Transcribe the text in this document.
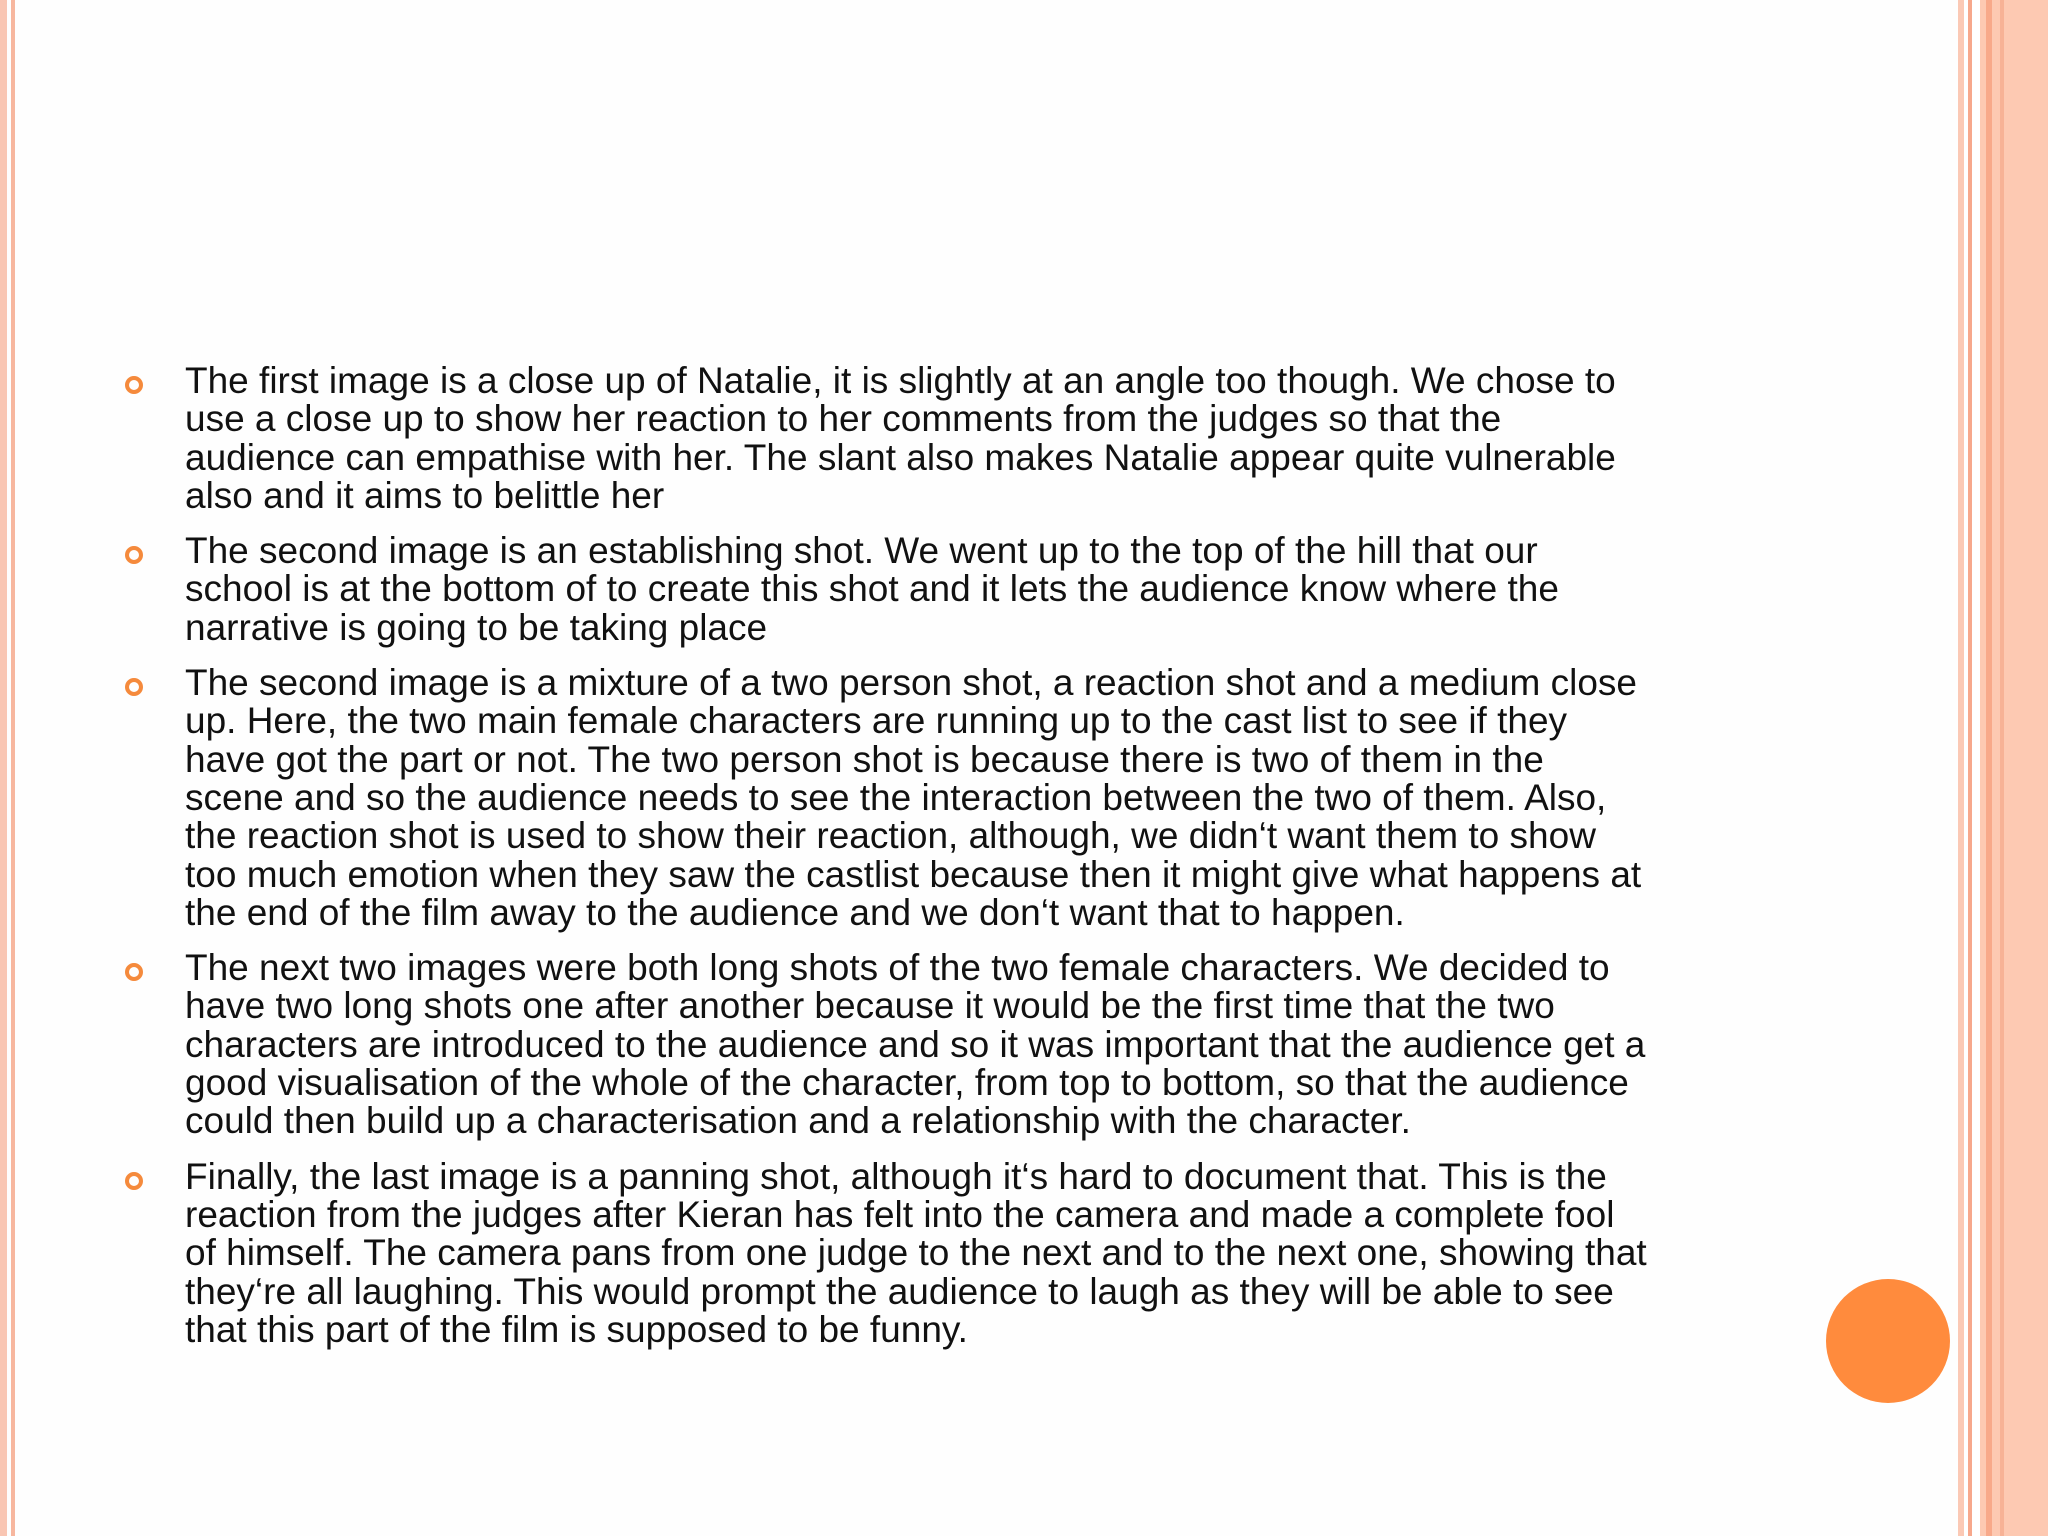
The first image is a close up of Natalie, it is slightly at an angle too though. We chose to
use a close up to show her reaction to her comments from the judges so that the
audience can empathise with her. The slant also makes Natalie appear quite vulnerable
also and it aims to belittle her
The second image is an establishing shot. We went up to the top of the hill that our
school is at the bottom of to create this shot and it lets the audience know where the
narrative is going to be taking place
The second image is a mixture of a two person shot, a reaction shot and a medium close
up. Here, the two main female characters are running up to the cast list to see if they
have got the part or not. The two person shot is because there is two of them in the
scene and so the audience needs to see the interaction between the two of them. Also,
the reaction shot is used to show their reaction, although, we didn‘t want them to show
too much emotion when they saw the castlist because then it might give what happens at
the end of the film away to the audience and we don‘t want that to happen.
The next two images were both long shots of the two female characters. We decided to
have two long shots one after another because it would be the first time that the two
characters are introduced to the audience and so it was important that the audience get a
good visualisation of the whole of the character, from top to bottom, so that the audience
could then build up a characterisation and a relationship with the character.
Finally, the last image is a panning shot, although it‘s hard to document that. This is the
reaction from the judges after Kieran has felt into the camera and made a complete fool
of himself. The camera pans from one judge to the next and to the next one, showing that
they‘re all laughing. This would prompt the audience to laugh as they will be able to see
that this part of the film is supposed to be funny.
